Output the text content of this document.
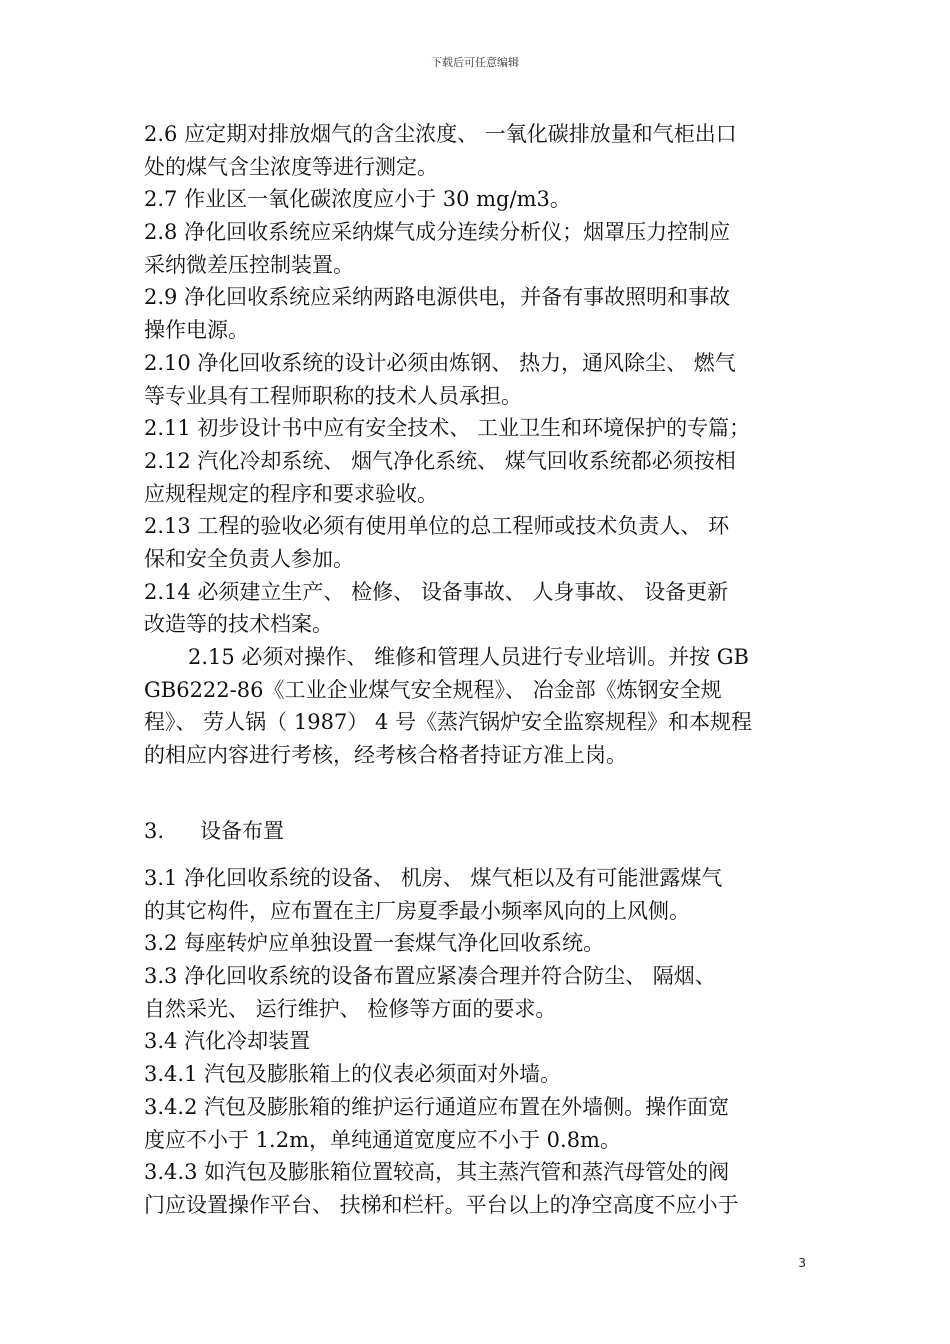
下载后可任意编辑
2.6 应定期对排放烟气的含尘浓度、 一氧化碳排放量和气柜出口
处的煤气含尘浓度等进行测定。
2.7 作业区一氧化碳浓度应小于 30 mg/m3。
2.8 净化回收系统应采纳煤气成分连续分析仪；烟罩压力控制应
采纳微差压控制装置。
2.9 净化回收系统应采纳两路电源供电，并备有事故照明和事故
操作电源。
2.10 净化回收系统的设计必须由炼钢、 热力，通风除尘、 燃气
等专业具有工程师职称的技术人员承担。
2.11 初步设计书中应有安全技术、 工业卫生和环境保护的专篇；
2.12 汽化冷却系统、 烟气净化系统、 煤气回收系统都必须按相
应规程规定的程序和要求验收。
2.13 工程的验收必须有使用单位的总工程师或技术负责人、 环
保和安全负责人参加。
2.14 必须建立生产、 检修、 设备事故、 人身事故、 设备更新
改造等的技术档案。
2.15 必须对操作、 维修和管理人员进行专业培训。并按 GB
GB6222-86《工业企业煤气安全规程》、 冶金部《炼钢安全规
程》、 劳人锅（ 1987） 4 号《蒸汽锅炉安全监察规程》和本规程
的相应内容进行考核，经考核合格者持证方准上岗。
3. 设备布置
3.1 净化回收系统的设备、 机房、 煤气柜以及有可能泄露煤气
的其它构件，应布置在主厂房夏季最小频率风向的上风侧。
3.2 每座转炉应单独设置一套煤气净化回收系统。
3.3 净化回收系统的设备布置应紧凑合理并符合防尘、 隔烟、
自然采光、 运行维护、 检修等方面的要求。
3.4 汽化冷却装置
3.4.1 汽包及膨胀箱上的仪表必须面对外墙。
3.4.2 汽包及膨胀箱的维护运行通道应布置在外墙侧。操作面宽
度应不小于 1.2m，单纯通道宽度应不小于 0.8m。
3.4.3 如汽包及膨胀箱位置较高，其主蒸汽管和蒸汽母管处的阀
门应设置操作平台、 扶梯和栏杆。平台以上的净空高度不应小于
3
